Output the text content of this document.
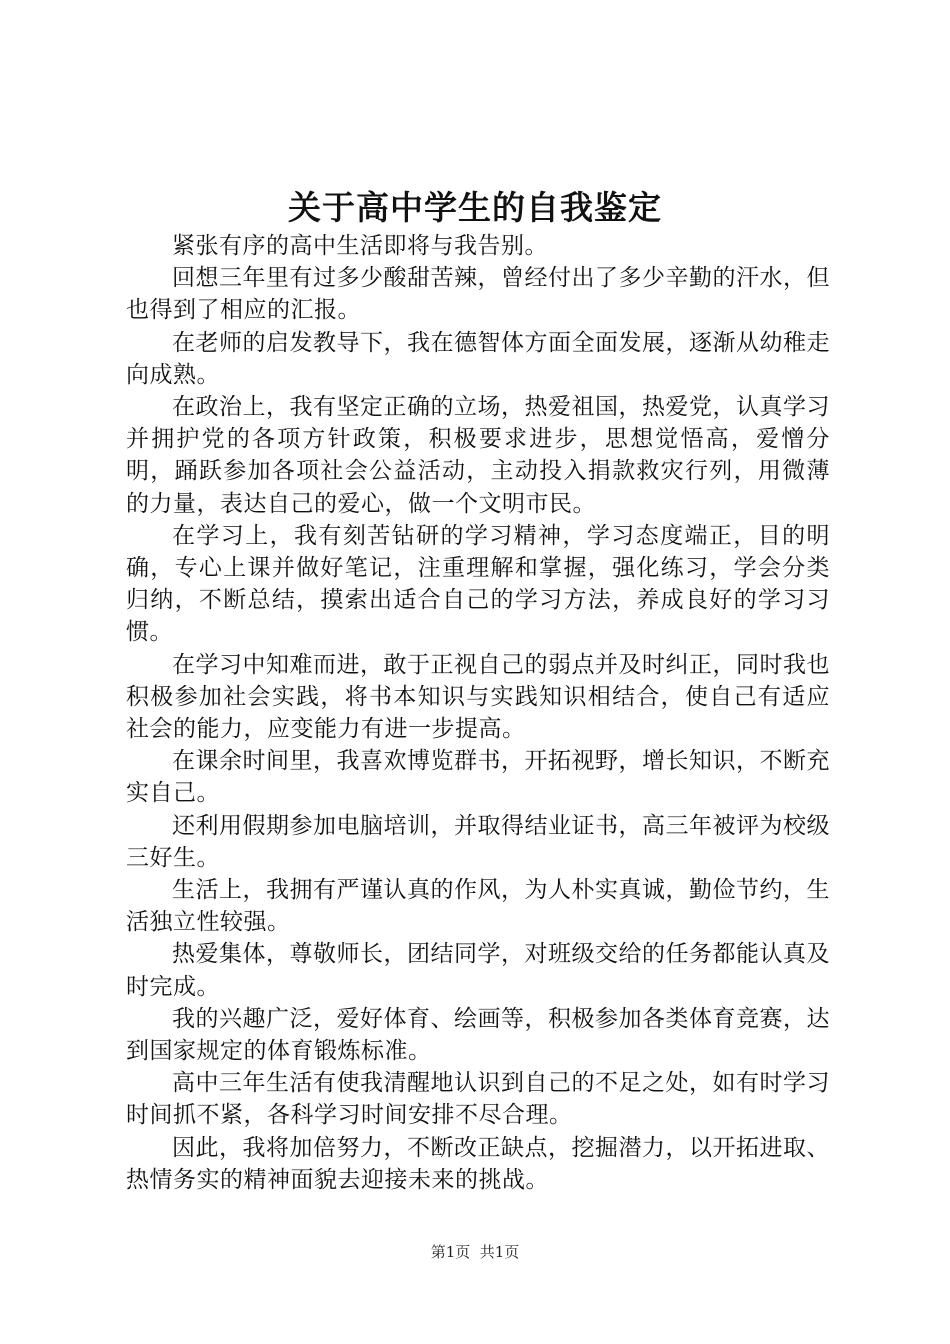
关于高中学生的自我鉴定

紧张有序的高中生活即将与我告别。

回想三年里有过多少酸甜苦辣，曾经付出了多少辛勤的汗水，但也得到了相应的汇报。

在老师的启发教导下，我在德智体方面全面发展，逐渐从幼稚走向成熟。

在政治上，我有坚定正确的立场，热爱祖国，热爱党，认真学习并拥护党的各项方针政策，积极要求进步，思想觉悟高，爱憎分明，踊跃参加各项社会公益活动，主动投入捐款救灾行列，用微薄的力量，表达自己的爱心，做一个文明市民。

在学习上，我有刻苦钻研的学习精神，学习态度端正，目的明确，专心上课并做好笔记，注重理解和掌握，强化练习，学会分类归纳，不断总结，摸索出适合自己的学习方法，养成良好的学习习惯。

在学习中知难而进，敢于正视自己的弱点并及时纠正，同时我也积极参加社会实践，将书本知识与实践知识相结合，使自己有适应社会的能力，应变能力有进一步提高。

在课余时间里，我喜欢博览群书，开拓视野，增长知识，不断充实自己。

还利用假期参加电脑培训，并取得结业证书，高三年被评为校级三好生。

生活上，我拥有严谨认真的作风，为人朴实真诚，勤俭节约，生活独立性较强。

热爱集体，尊敬师长，团结同学，对班级交给的任务都能认真及时完成。

我的兴趣广泛，爱好体育、绘画等，积极参加各类体育竞赛，达到国家规定的体育锻炼标准。

高中三年生活有使我清醒地认识到自己的不足之处，如有时学习时间抓不紧，各科学习时间安排不尽合理。

因此，我将加倍努力，不断改正缺点，挖掘潜力，以开拓进取、热情务实的精神面貌去迎接未来的挑战。

第1页  共1页
